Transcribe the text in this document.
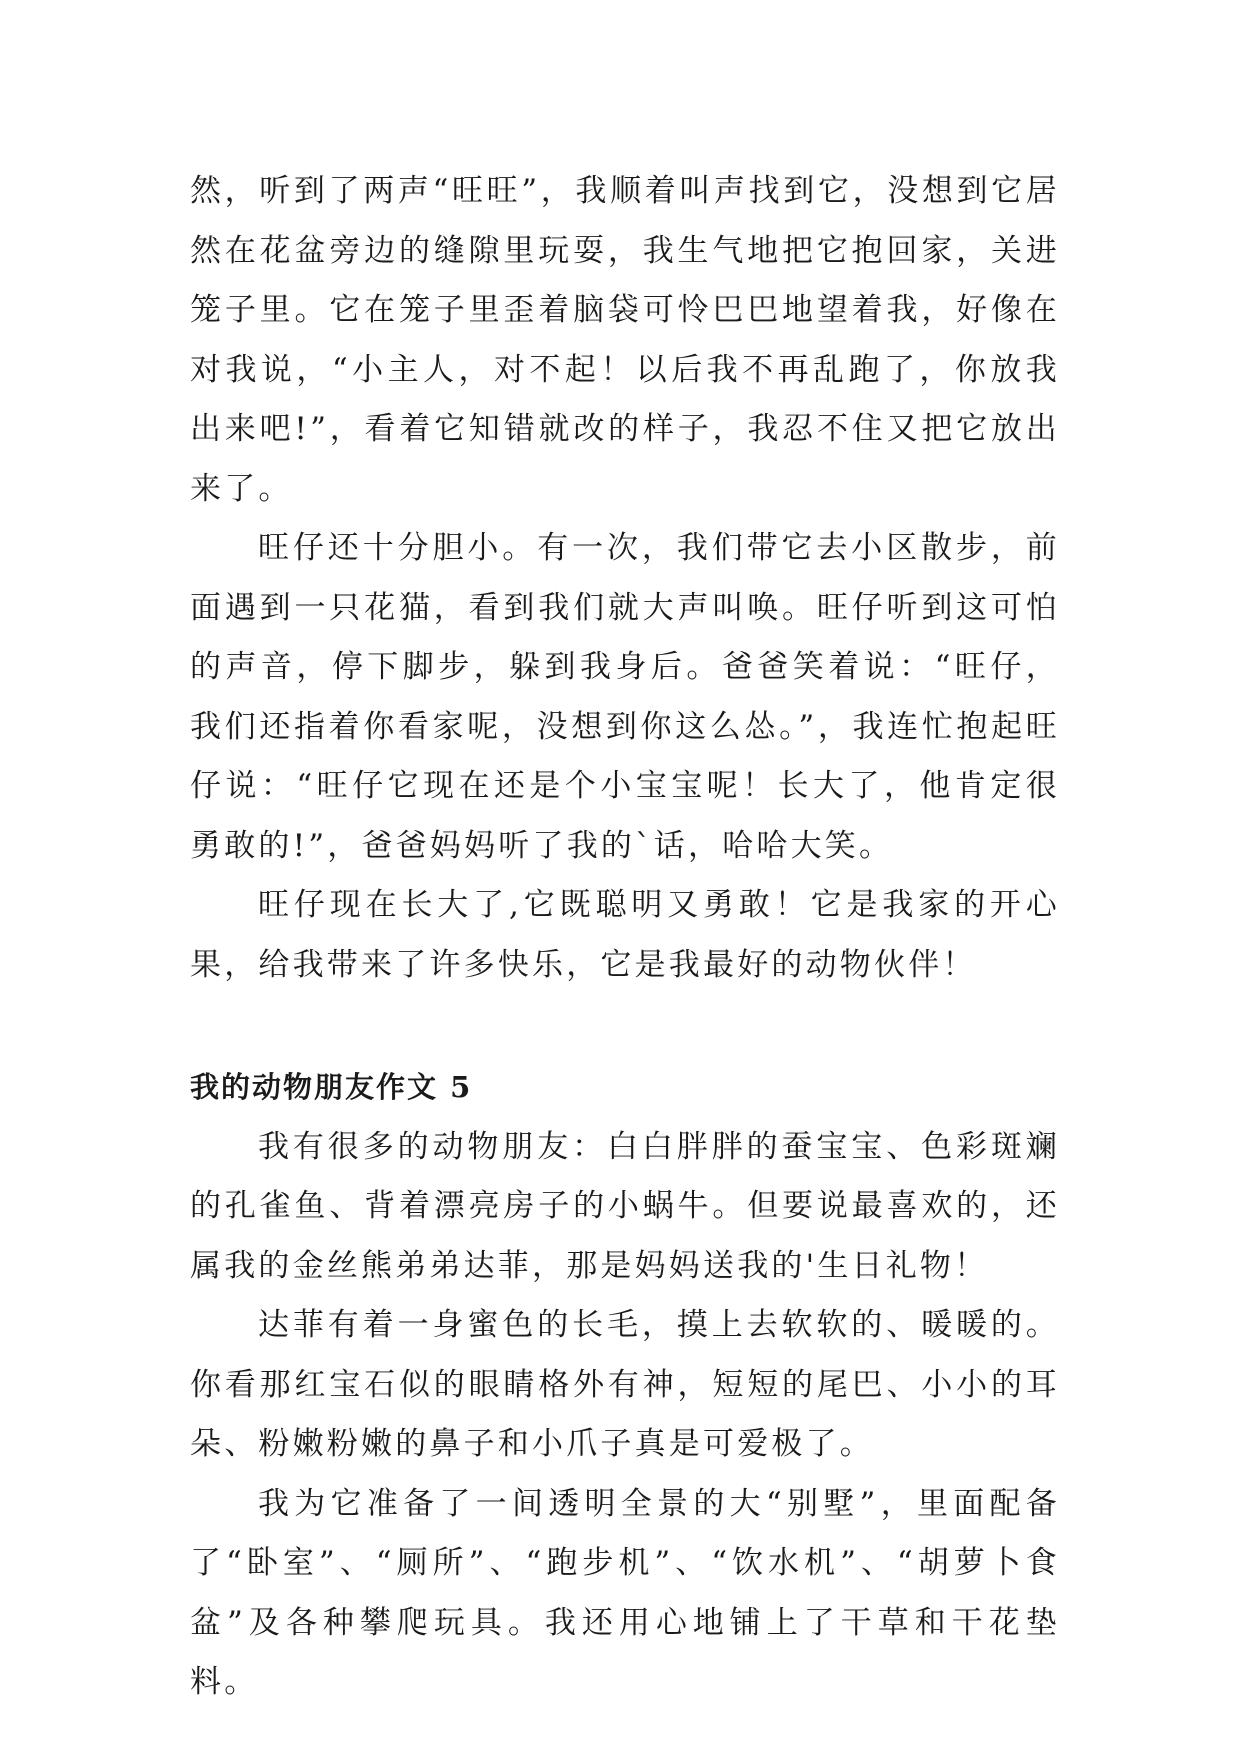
然，听到了两声“旺旺”，我顺着叫声找到它，没想到它居然在花盆旁边的缝隙里玩耍，我生气地把它抱回家，关进笼子里。它在笼子里歪着脑袋可怜巴巴地望着我，好像在对我说，“小主人，对不起！以后我不再乱跑了，你放我出来吧!”，看着它知错就改的样子，我忍不住又把它放出来了。

旺仔还十分胆小。有一次，我们带它去小区散步，前面遇到一只花猫，看到我们就大声叫唤。旺仔听到这可怕的声音，停下脚步，躲到我身后。爸爸笑着说：“旺仔，我们还指着你看家呢，没想到你这么怂。”，我连忙抱起旺仔说：“旺仔它现在还是个小宝宝呢！长大了，他肯定很勇敢的!”，爸爸妈妈听了我的`话，哈哈大笑。

旺仔现在长大了,它既聪明又勇敢！它是我家的开心果，给我带来了许多快乐，它是我最好的动物伙伴！

我的动物朋友作文 5

我有很多的动物朋友：白白胖胖的蚕宝宝、色彩斑斓的孔雀鱼、背着漂亮房子的小蜗牛。但要说最喜欢的，还属我的金丝熊弟弟达菲，那是妈妈送我的'生日礼物！

达菲有着一身蜜色的长毛，摸上去软软的、暖暖的。你看那红宝石似的眼睛格外有神，短短的尾巴、小小的耳朵、粉嫩粉嫩的鼻子和小爪子真是可爱极了。

我为它准备了一间透明全景的大“别墅”，里面配备了“卧室”、“厕所”、“跑步机”、“饮水机”、“胡萝卜食盆”及各种攀爬玩具。我还用心地铺上了干草和干花垫料。
